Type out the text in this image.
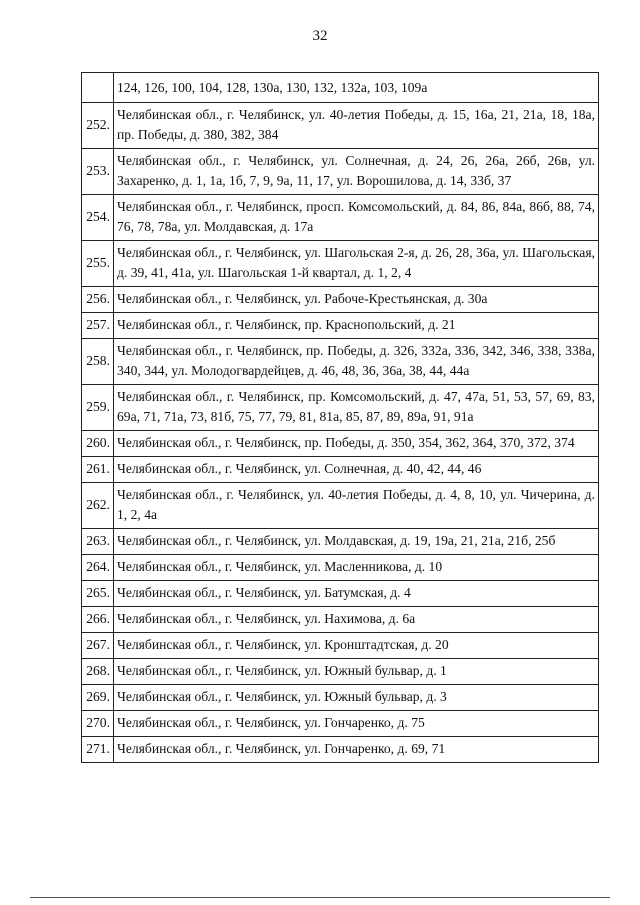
32
	124, 126, 100, 104, 128, 130а, 130, 132, 132а, 103, 109а
252.	Челябинская обл., г. Челябинск, ул. 40-летия Победы, д. 15, 16а, 21, 21а, 18, 18а, пр. Победы, д. 380, 382, 384
253.	Челябинская обл., г. Челябинск, ул. Солнечная, д. 24, 26, 26а, 26б, 26в, ул. Захаренко, д. 1, 1а, 1б, 7, 9, 9а, 11, 17, ул. Ворошилова, д. 14, 33б, 37
254.	Челябинская обл., г. Челябинск, просп. Комсомольский, д. 84, 86, 84а, 86б, 88, 74, 76, 78, 78а, ул. Молдавская, д. 17а
255.	Челябинская обл., г. Челябинск, ул. Шагольская 2-я, д. 26, 28, 36а, ул. Шагольская, д. 39, 41, 41а, ул. Шагольская 1-й квартал, д. 1, 2, 4
256.	Челябинская обл., г. Челябинск, ул. Рабоче-Крестьянская, д. 30а
257.	Челябинская обл., г. Челябинск, пр. Краснопольский, д. 21
258.	Челябинская обл., г. Челябинск, пр. Победы, д. 326, 332а, 336, 342, 346, 338, 338а, 340, 344, ул. Молодогвардейцев, д. 46, 48, 36, 36а, 38, 44, 44а
259.	Челябинская обл., г. Челябинск, пр. Комсомольский, д. 47, 47а, 51, 53, 57, 69, 83, 69а, 71, 71а, 73, 81б, 75, 77, 79, 81, 81а, 85, 87, 89, 89а, 91, 91а
260.	Челябинская обл., г. Челябинск, пр. Победы, д. 350, 354, 362, 364, 370, 372, 374
261.	Челябинская обл., г. Челябинск, ул. Солнечная, д. 40, 42, 44, 46
262.	Челябинская обл., г. Челябинск, ул. 40-летия Победы, д. 4, 8, 10, ул. Чичерина, д. 1, 2, 4а
263.	Челябинская обл., г. Челябинск, ул. Молдавская, д. 19, 19а, 21, 21а, 21б, 25б
264.	Челябинская обл., г. Челябинск, ул. Масленникова, д. 10
265.	Челябинская обл., г. Челябинск, ул. Батумская, д. 4
266.	Челябинская обл., г. Челябинск, ул. Нахимова, д. 6а
267.	Челябинская обл., г. Челябинск, ул. Кронштадтская, д. 20
268.	Челябинская обл., г. Челябинск, ул. Южный бульвар, д. 1
269.	Челябинская обл., г. Челябинск, ул. Южный бульвар, д. 3
270.	Челябинская обл., г. Челябинск, ул. Гончаренко, д. 75
271.	Челябинская обл., г. Челябинск, ул. Гончаренко, д. 69, 71
